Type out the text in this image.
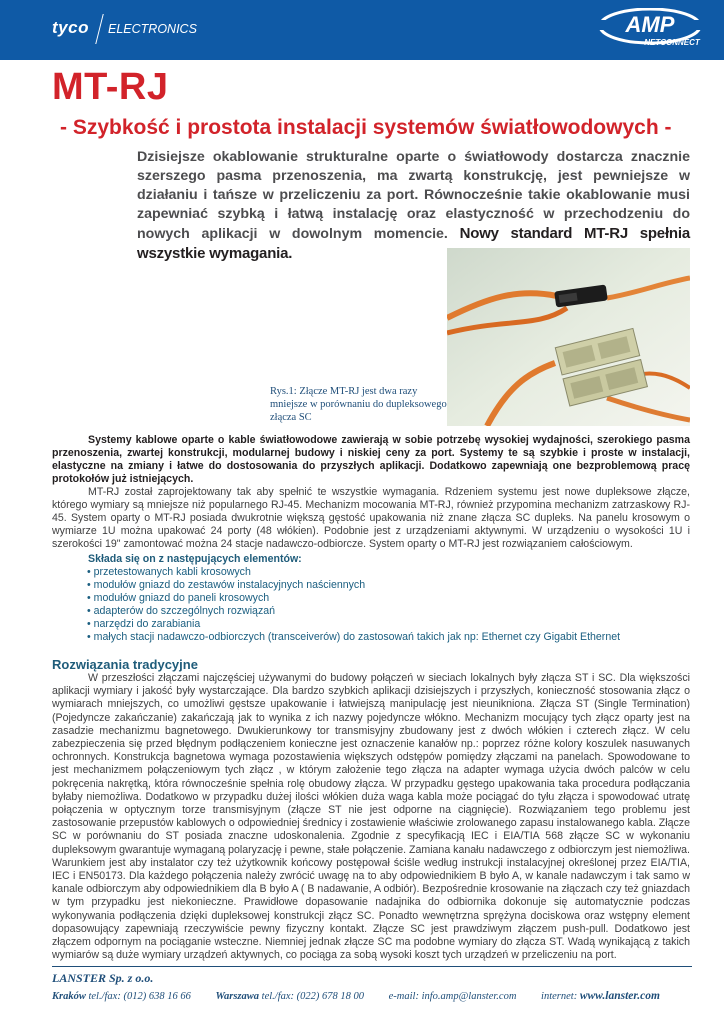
tyco ELECTRONICS	AMP
NETCONNECT
MT-RJ
- Szybkość i prostota instalacji systemów światłowodowych -

Dzisiejsze okablowanie strukturalne oparte o światłowody dostarcza znacznie szerszego pasma przenoszenia, ma zwartą konstrukcję, jest pewniejsze w działaniu i tańsze w przeliczeniu za port. Równocześnie takie okablowanie musi zapewniać szybką i łatwą instalację oraz elastyczność w przechodzeniu do nowych aplikacji w dowolnym momencie. Nowy standard MT-RJ spełnia wszystkie wymagania.

Rys.1: Złącze MT-RJ jest dwa razy mniejsze w porównaniu do dupleksowego złącza SC

Systemy kablowe oparte o kable światłowodowe zawierają w sobie potrzebę wysokiej wydajności, szerokiego pasma przenoszenia, zwartej konstrukcji, modularnej budowy i niskiej ceny za port. Systemy te są szybkie i proste w instalacji, elastyczne na zmiany i łatwe do dostosowania do przyszłych aplikacji. Dodatkowo zapewniają one bezproblemową pracę protokołów już istniejących.

MT-RJ został zaprojektowany tak aby spełnić te wszystkie wymagania. Rdzeniem systemu jest nowe dupleksowe złącze, którego wymiary są mniejsze niż popularnego RJ-45. Mechanizm mocowania MT-RJ, również przypomina mechanizm zatrzaskowy RJ-45. System oparty o MT-RJ posiada dwukrotnie większą gęstość upakowania niż znane złącza SC dupleks. Na panelu krosowym o wymiarze 1U można upakować 24 porty (48 włókien). Podobnie jest z urządzeniami aktywnymi. W urządzeniu o wysokości 1U i szerokości 19" zamontować można 24 stacje nadawczo-odbiorcze. System oparty o MT-RJ jest rozwiązaniem całościowym.

Składa się on z następujących elementów:

• przetestowanych kabli krosowych
• modułów gniazd do zestawów instalacyjnych naściennych
• modułów gniazd do paneli krosowych
• adapterów do szczególnych rozwiązań
• narzędzi do zarabiania
• małych stacji nadawczo-odbiorczych (transceiverów) do zastosowań takich jak np: Ethernet czy Gigabit Ethernet
Rozwiązania tradycyjne

W przeszłości złączami najczęściej używanymi do budowy połączeń w sieciach lokalnych były złącza ST i SC. Dla większości aplikacji wymiary i jakość były wystarczające. Dla bardzo szybkich aplikacji dzisiejszych i przyszłych, konieczność stosowania złącz o wymiarach mniejszych, co umożliwi gęstsze upakowanie i łatwiejszą manipulację jest nieunikniona. Złącza ST (Single Termination) (Pojedyncze zakańczanie) zakańczają jak to wynika z ich nazwy pojedyncze włókno. Mechanizm mocujący tych złącz oparty jest na zasadzie mechanizmu bagnetowego. Dwukierunkowy tor transmisyjny zbudowany jest z dwóch włókien i czterech złącz. W celu zabezpieczenia się przed błędnym podłączeniem konieczne jest oznaczenie kanałów np.: poprzez różne kolory koszulek nasuwanych ochronnych. Konstrukcja bagnetowa wymaga pozostawienia większych odstępów pomiędzy złączami na panelach. Spowodowane to jest mechanizmem połączeniowym tych złącz , w którym założenie tego złącza na adapter wymaga użycia dwóch palców w celu pokręcenia nakrętką, która równocześnie spełnia rolę obudowy złącza. W przypadku gęstego upakowania taka procedura podłączania byłaby niemożliwa. Dodatkowo w przypadku dużej ilości włókien duża waga kabla może pociągać do tyłu złącza i spowodować utratę połączenia w optycznym torze transmisyjnym (złącze ST nie jest odporne na ciągnięcie). Rozwiązaniem tego problemu jest zastosowanie przepustów kablowych o odpowiedniej średnicy i zostawienie właściwie zrolowanego zapasu instalowanego kabla. Złącze SC w porównaniu do ST posiada znaczne udoskonalenia. Zgodnie z specyfikacją IEC i EIA/TIA 568 złącze SC w wykonaniu dupleksowym gwarantuje wymaganą polaryzację i pewne, stałe połączenie. Zamiana kanału nadawczego z odbiorczym jest niemożliwa. Warunkiem jest aby instalator czy też użytkownik końcowy postępował ściśle według instrukcji instalacyjnej określonej przez EIA/TIA, IEC i EN50173. Dla każdego połączenia należy zwrócić uwagę na to aby odpowiednikiem B było A, w kanale nadawczym i tak samo w kanale odbiorczym aby odpowiednikiem dla B było A ( B nadawanie, A odbiór). Bezpośrednie krosowanie na złączach czy też gniazdach w tym przypadku jest niekonieczne. Prawidłowe dopasowanie nadajnika do odbiornika dokonuje się automatycznie podczas wykonywania podłączenia dzięki dupleksowej konstrukcji złącz SC. Ponadto wewnętrzna sprężyna dociskowa oraz wstępny element dopasowujący zapewniają rzeczywiście pewny fizyczny kontakt. Złącze SC jest prawdziwym złączem push-pull. Dodatkowo jest złączem odpornym na pociąganie wsteczne. Niemniej jednak złącze SC ma podobne wymiary do złącza ST. Wadą wynikającą z takich wymiarów są duże wymiary urządzeń aktywnych, co pociąga za sobą wysoki koszt tych urządzeń w przeliczeniu na port.

LANSTER Sp. z o.o.
Kraków tel./fax: (012) 638 16 66 Warszawa tel./fax: (022) 678 18 00 e-mail: info.amp@lanster.com internet: www.lanster.com
